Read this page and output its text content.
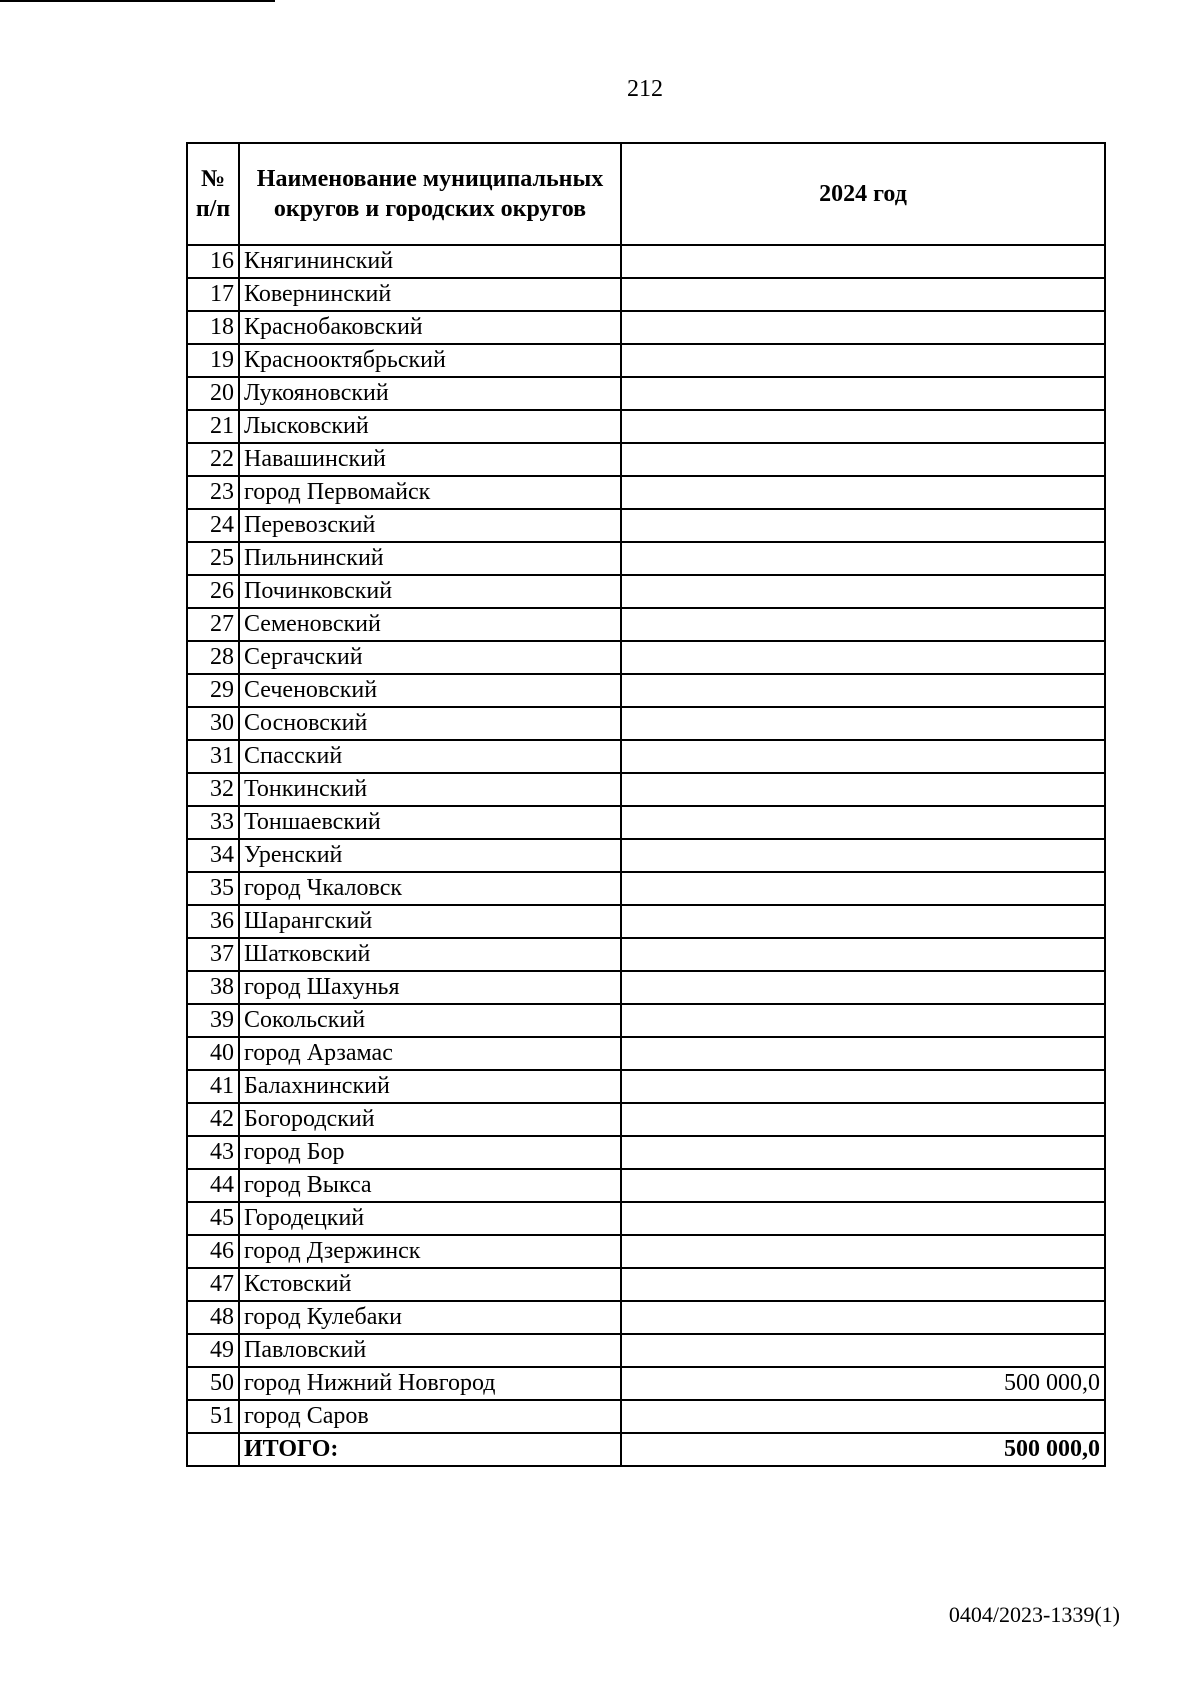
212
№ п/п	Наименование муниципальных округов и городских округов	2024 год
16	Княгининский	
17	Ковернинский	
18	Краснобаковский	
19	Краснооктябрьский	
20	Лукояновский	
21	Лысковский	
22	Навашинский	
23	город Первомайск	
24	Перевозский	
25	Пильнинский	
26	Починковский	
27	Семеновский	
28	Сергачский	
29	Сеченовский	
30	Сосновский	
31	Спасский	
32	Тонкинский	
33	Тоншаевский	
34	Уренский	
35	город Чкаловск	
36	Шарангский	
37	Шатковский	
38	город Шахунья	
39	Сокольский	
40	город Арзамас	
41	Балахнинский	
42	Богородский	
43	город Бор	
44	город Выкса	
45	Городецкий	
46	город Дзержинск	
47	Кстовский	
48	город Кулебаки	
49	Павловский	
50	город Нижний Новгород	500 000,0
51	город Саров	
	ИТОГО:	500 000,0
0404/2023-1339(1)
